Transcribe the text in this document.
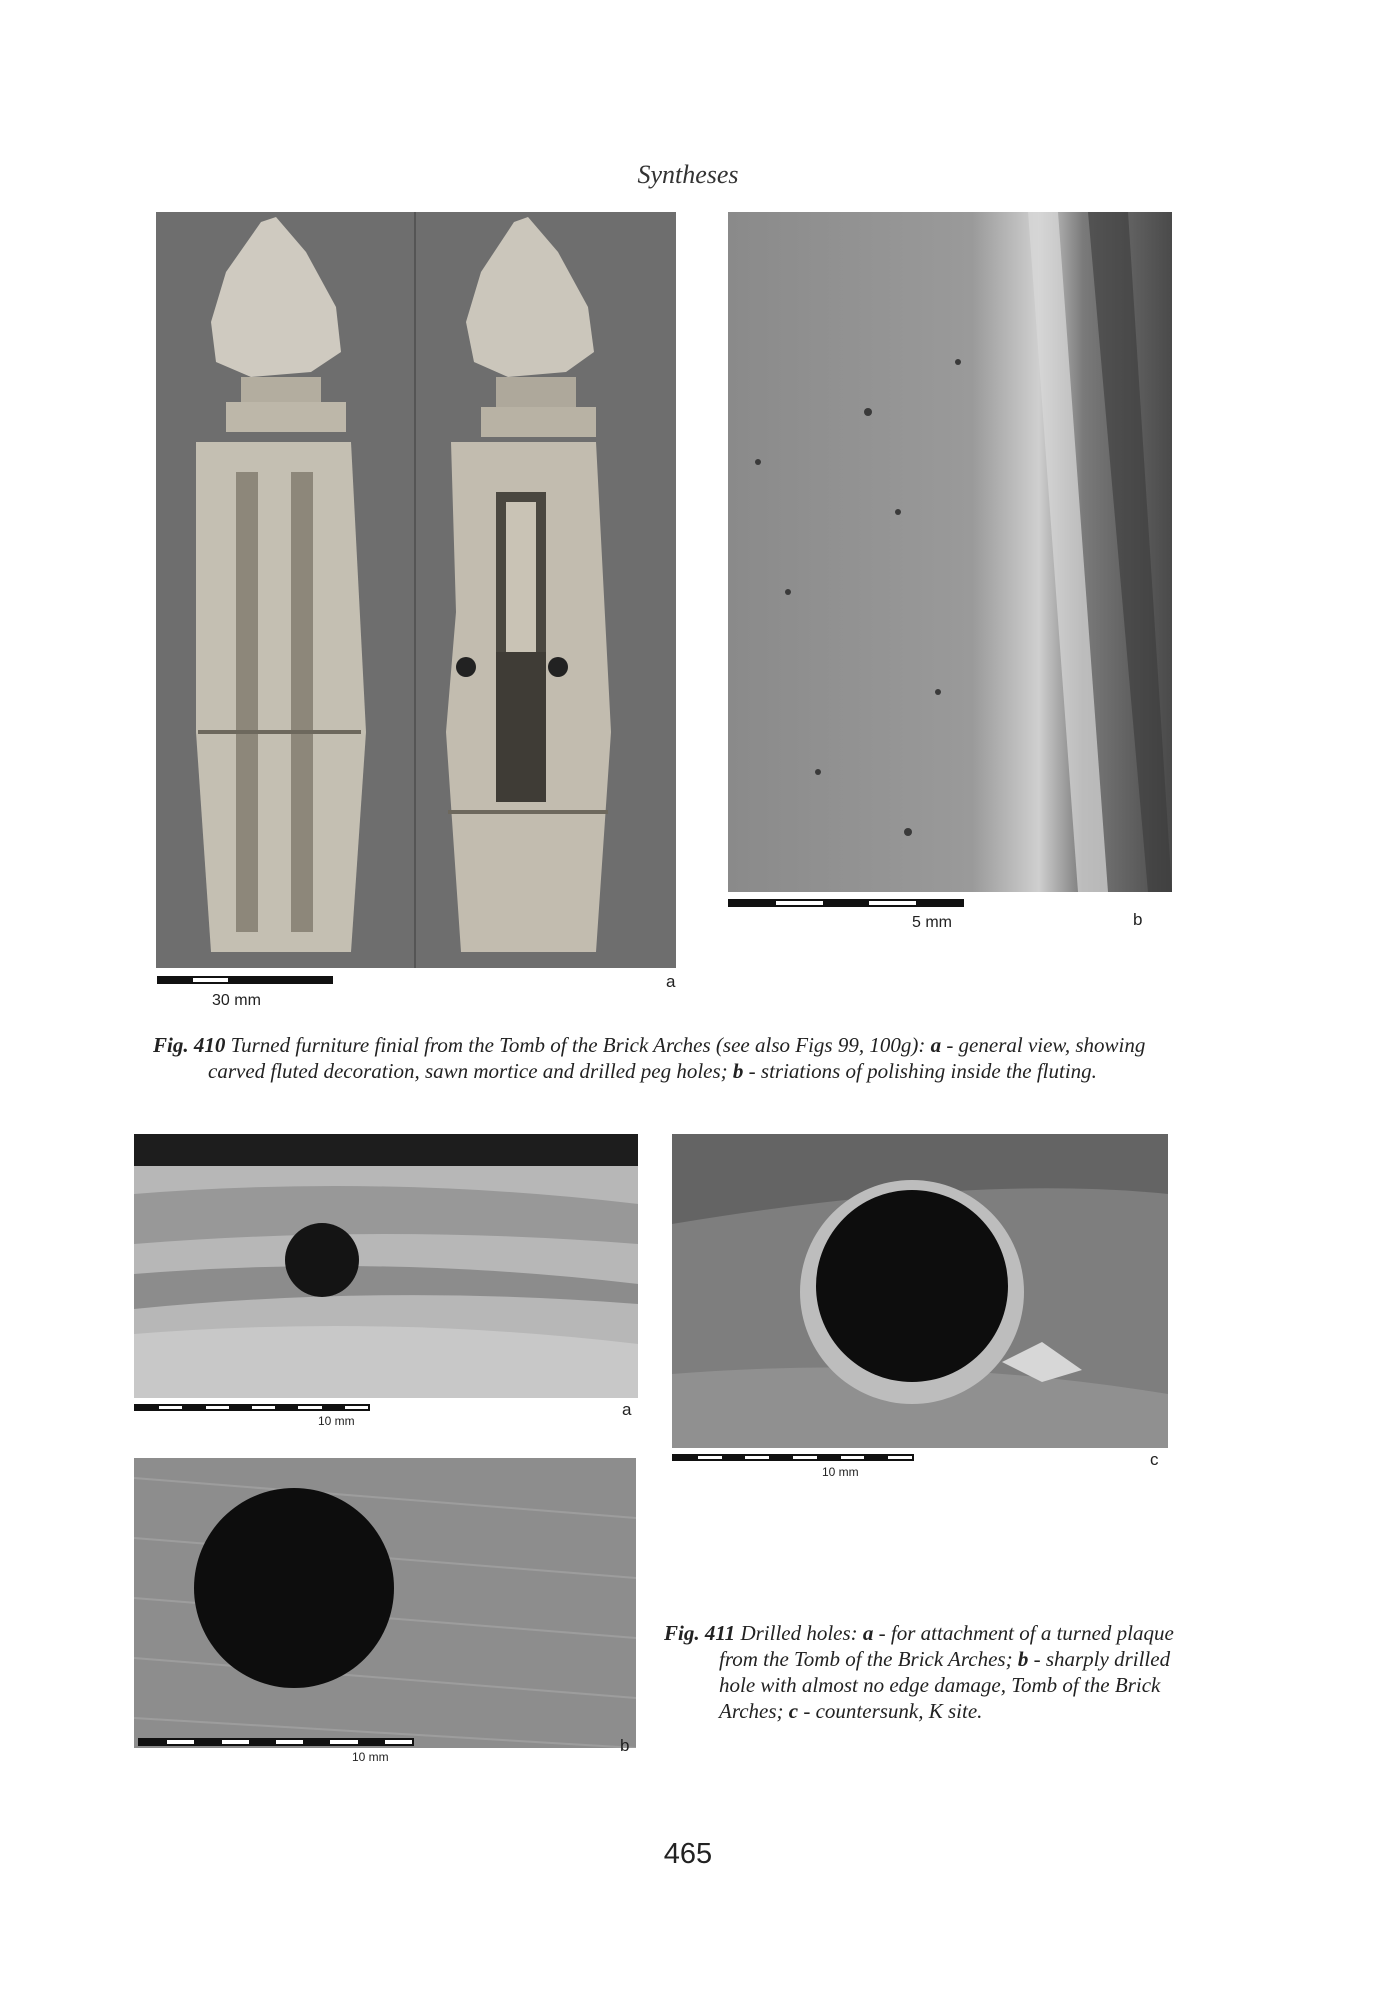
Syntheses
30 mm
a
5 mm	b
Fig. 410 Turned furniture finial from the Tomb of the Brick Arches (see also Figs 99, 100g): a - general view, showing carved fluted decoration, sawn mortice and drilled peg holes; b - striations of polishing inside the fluting.
10 mm
a
10 mm
b
10 mm
c
Fig. 411 Drilled holes: a - for attachment of a turned plaque from the Tomb of the Brick Arches; b - sharply drilled hole with almost no edge damage, Tomb of the Brick Arches; c - countersunk, K site.
465
